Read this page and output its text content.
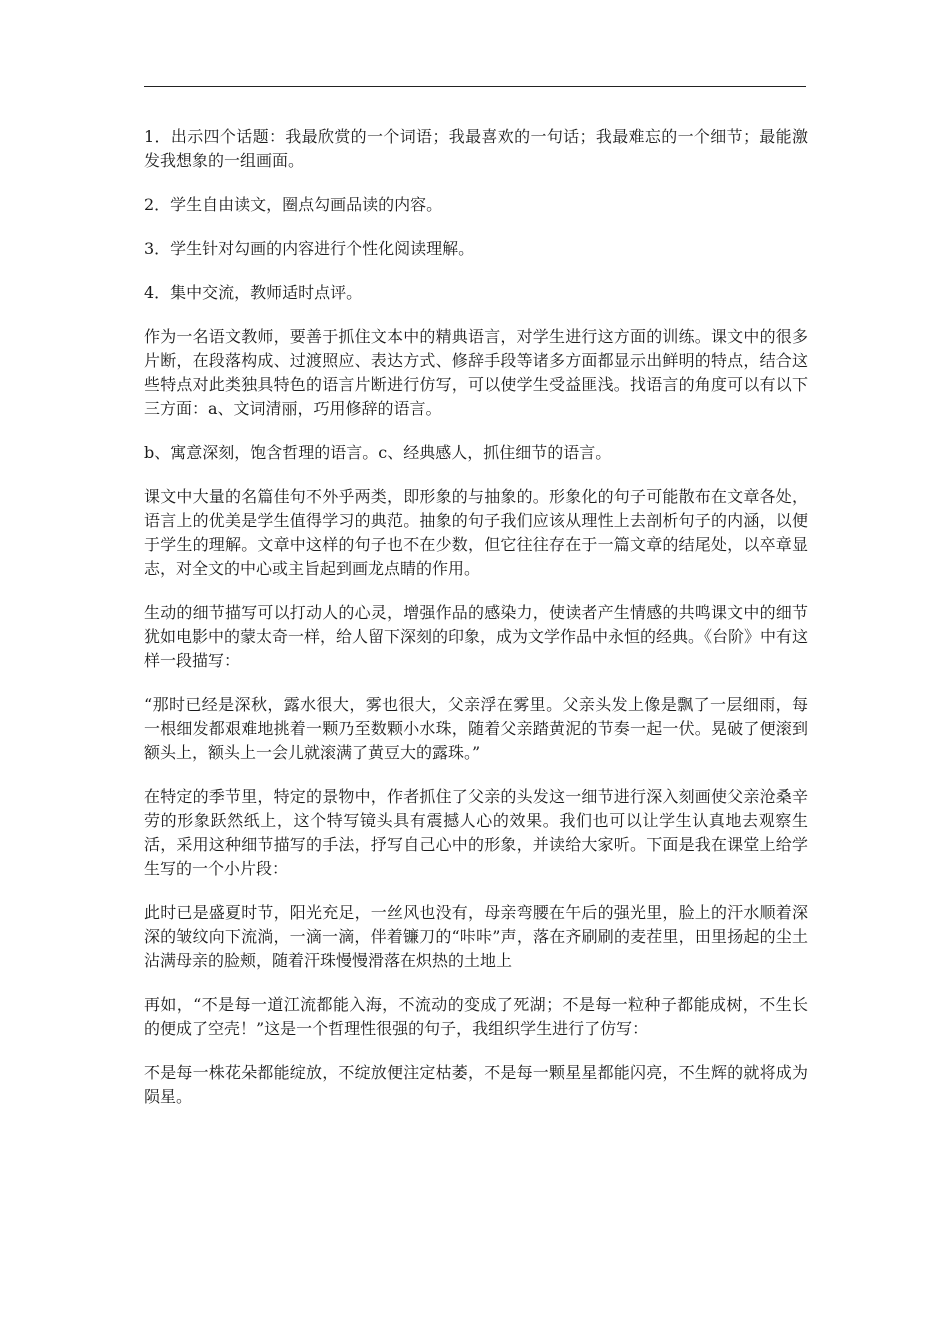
1．出示四个话题：我最欣赏的一个词语；我最喜欢的一句话；我最难忘的一个细节；最能激发我想象的一组画面。

2．学生自由读文，圈点勾画品读的内容。

3．学生针对勾画的内容进行个性化阅读理解。

4．集中交流，教师适时点评。

作为一名语文教师，要善于抓住文本中的精典语言，对学生进行这方面的训练。课文中的很多片断，在段落构成、过渡照应、表达方式、修辞手段等诸多方面都显示出鲜明的特点，结合这些特点对此类独具特色的语言片断进行仿写，可以使学生受益匪浅。找语言的角度可以有以下三方面：a、文词清丽，巧用修辞的语言。

b、寓意深刻，饱含哲理的语言。c、经典感人，抓住细节的语言。

课文中大量的名篇佳句不外乎两类，即形象的与抽象的。形象化的句子可能散布在文章各处，语言上的优美是学生值得学习的典范。抽象的句子我们应该从理性上去剖析句子的内涵，以便于学生的理解。文章中这样的句子也不在少数，但它往往存在于一篇文章的结尾处，以卒章显志，对全文的中心或主旨起到画龙点睛的作用。

生动的细节描写可以打动人的心灵，增强作品的感染力，使读者产生情感的共鸣课文中的细节犹如电影中的蒙太奇一样，给人留下深刻的印象，成为文学作品中永恒的经典。《台阶》中有这样一段描写：

“那时已经是深秋，露水很大，雾也很大，父亲浮在雾里。父亲头发上像是飘了一层细雨，每一根细发都艰难地挑着一颗乃至数颗小水珠，随着父亲踏黄泥的节奏一起一伏。晃破了便滚到额头上，额头上一会儿就滚满了黄豆大的露珠。”

在特定的季节里，特定的景物中，作者抓住了父亲的头发这一细节进行深入刻画使父亲沧桑辛劳的形象跃然纸上，这个特写镜头具有震撼人心的效果。我们也可以让学生认真地去观察生活，采用这种细节描写的手法，抒写自己心中的形象，并读给大家听。下面是我在课堂上给学生写的一个小片段：

此时已是盛夏时节，阳光充足，一丝风也没有，母亲弯腰在午后的强光里，脸上的汗水顺着深深的皱纹向下流淌，一滴一滴，伴着镰刀的“咔咔”声，落在齐刷刷的麦茬里，田里扬起的尘土沾满母亲的脸颊，随着汗珠慢慢滑落在炽热的土地上

再如，“不是每一道江流都能入海，不流动的变成了死湖；不是每一粒种子都能成树，不生长的便成了空壳！”这是一个哲理性很强的句子，我组织学生进行了仿写：

不是每一株花朵都能绽放，不绽放便注定枯萎，不是每一颗星星都能闪亮，不生辉的就将成为陨星。
